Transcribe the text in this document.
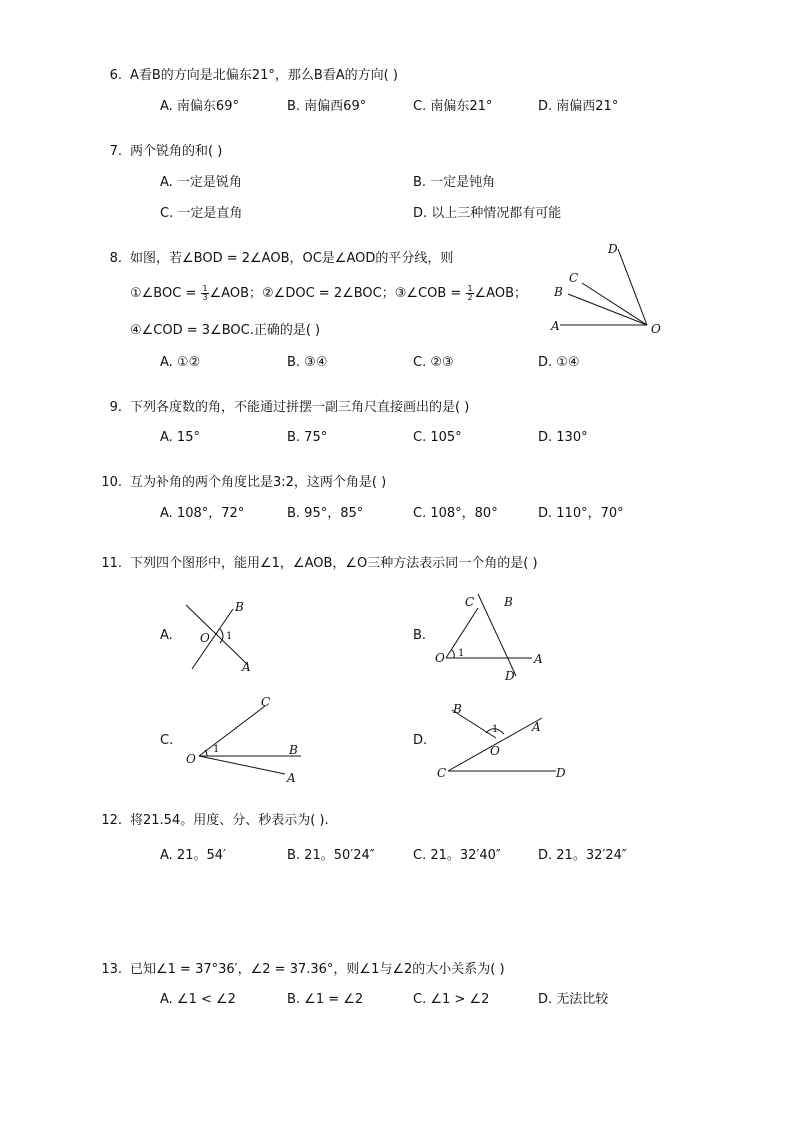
6. A看B的方向是北偏东21°，那么B看A的方向( )
A. 南偏东69°	B. 南偏西69°	C. 南偏东21°	D. 南偏西21°
7. 两个锐角的和( )
A. 一定是锐角	B. 一定是钝角
C. 一定是直角	D. 以上三种情况都有可能
8. 如图，若∠BOD = 2∠AOB，OC是∠AOD的平分线，则
①∠BOC = $\frac{1}{3}$ ∠AOB；②∠DOC = 2∠BOC；③∠COB = $\frac{1}{2}$ ∠AOB；
④∠COD = 3∠BOC.正确的是( )
A. ①②	B. ③④	C. ②③	D. ①④
D
C
B
A	O
9. 下列各度数的角，不能通过拼摆一副三角尺直接画出的是( )
A. 15°	B. 75°	C. 105°	D. 130°
10. 互为补角的两个角度比是3:2，这两个角是( )
A. 108°，72°	B. 95°，85°	C. 108°，80°	D. 110°，70°
11. 下列四个图形中，能用∠1，∠AOB，∠O三种方法表示同一个角的是( )
A.
B
O 1
A
B.
C B
O 1	A
D
C.
C
1	B
O
A
D.
B
1	A
O
C	D
12. 将21.54。用度、分、秒表示为( ).
A. 21。54′	B. 21。50′24″	C. 21。32′40″	D. 21。32′24″
13. 已知∠1 = 37°36′，∠2 = 37.36°，则∠1与∠2的大小关系为( )
A. ∠1 < ∠2	B. ∠1 = ∠2	C. ∠1 > ∠2	D. 无法比较
